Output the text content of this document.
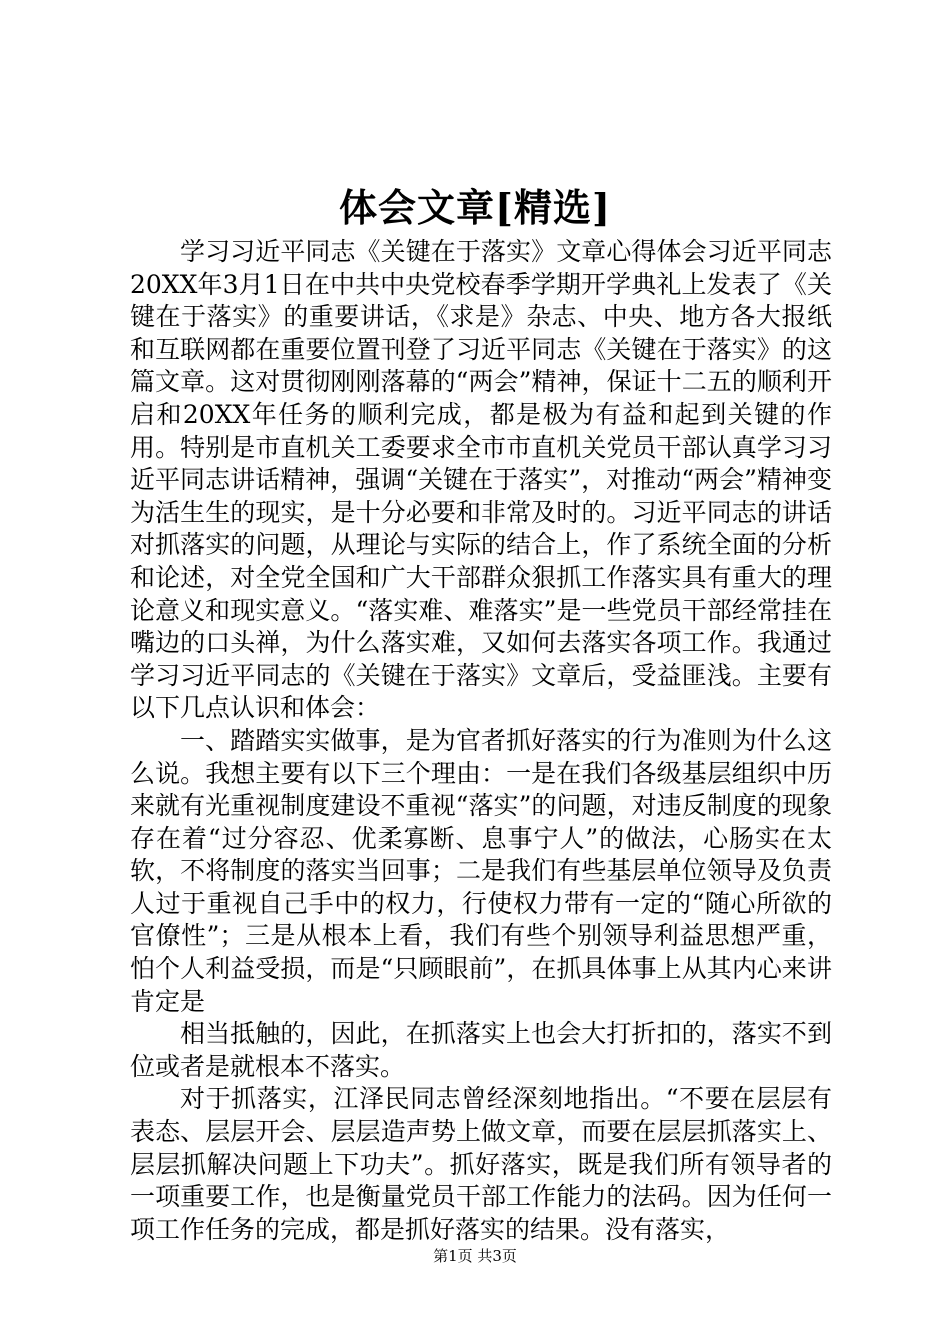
体会文章[精选]

学习习近平同志《关键在于落实》文章心得体会习近平同志20XX年3月1日在中共中央党校春季学期开学典礼上发表了《关键在于落实》的重要讲话，《求是》杂志、中央、地方各大报纸和互联网都在重要位置刊登了习近平同志《关键在于落实》的这篇文章。这对贯彻刚刚落幕的“两会”精神，保证十二五的顺利开启和20XX年任务的顺利完成，都是极为有益和起到关键的作用。特别是市直机关工委要求全市市直机关党员干部认真学习习近平同志讲话精神，强调“关键在于落实”，对推动“两会”精神变为活生生的现实，是十分必要和非常及时的。习近平同志的讲话对抓落实的问题，从理论与实际的结合上，作了系统全面的分析和论述，对全党全国和广大干部群众狠抓工作落实具有重大的理论意义和现实意义。“落实难、难落实”是一些党员干部经常挂在嘴边的口头禅，为什么落实难，又如何去落实各项工作。我通过学习习近平同志的《关键在于落实》文章后，受益匪浅。主要有以下几点认识和体会：

一、踏踏实实做事，是为官者抓好落实的行为准则为什么这么说。我想主要有以下三个理由：一是在我们各级基层组织中历来就有光重视制度建设不重视“落实”的问题，对违反制度的现象存在着“过分容忍、优柔寡断、息事宁人”的做法，心肠实在太软，不将制度的落实当回事；二是我们有些基层单位领导及负责人过于重视自己手中的权力，行使权力带有一定的“随心所欲的官僚性”；三是从根本上看，我们有些个别领导利益思想严重，怕个人利益受损，而是“只顾眼前”，在抓具体事上从其内心来讲肯定是

相当抵触的，因此，在抓落实上也会大打折扣的，落实不到位或者是就根本不落实。

对于抓落实，江泽民同志曾经深刻地指出。“不要在层层有表态、层层开会、层层造声势上做文章，而要在层层抓落实上、层层抓解决问题上下功夫”。抓好落实，既是我们所有领导者的一项重要工作，也是衡量党员干部工作能力的法码。因为任何一项工作任务的完成，都是抓好落实的结果。没有落实，

第1页 共3页
